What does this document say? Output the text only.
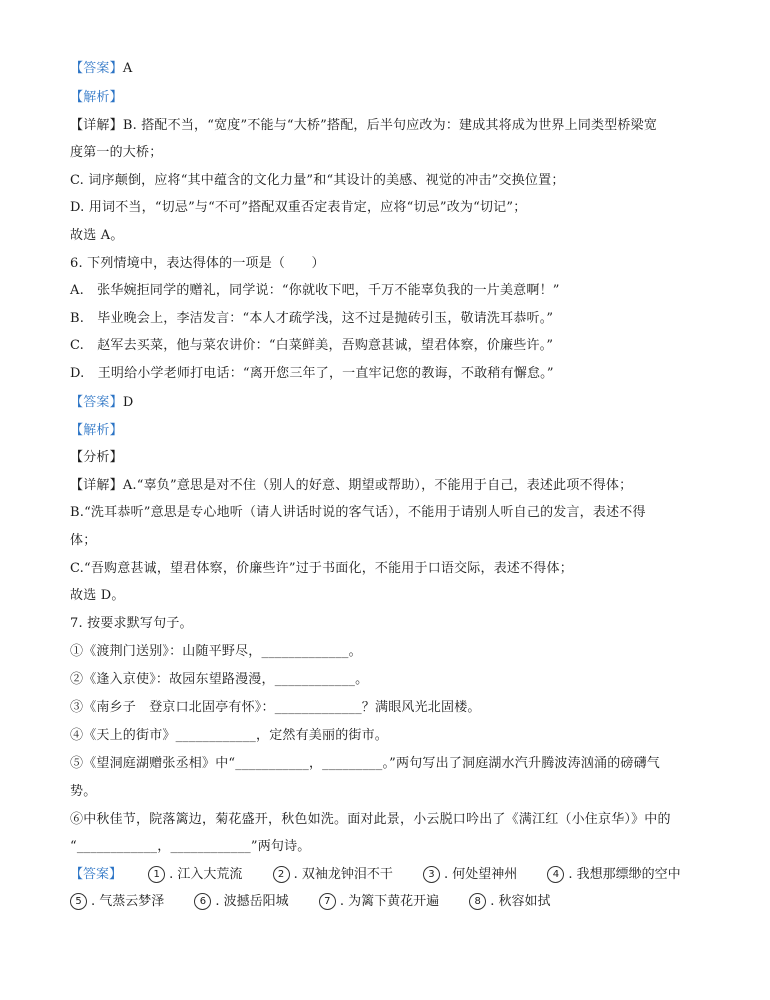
【答案】A
【解析】
【详解】B. 搭配不当，“宽度”不能与“大桥”搭配，后半句应改为：建成其将成为世界上同类型桥梁宽
度第一的大桥；
C. 词序颠倒，应将“其中蕴含的文化力量”和“其设计的美感、视觉的冲击”交换位置；
D. 用词不当，“切忌”与“不可”搭配双重否定表肯定，应将“切忌”改为“切记”；
故选 A。
6. 下列情境中，表达得体的一项是（　　）
A.　张华婉拒同学的赠礼，同学说：“你就收下吧，千万不能辜负我的一片美意啊！”
B.　毕业晚会上，李洁发言：“本人才疏学浅，这不过是抛砖引玉，敬请洗耳恭听。”
C.　赵军去买菜，他与菜农讲价：“白菜鲜美，吾购意甚诚，望君体察，价廉些许。”
D.　王明给小学老师打电话：“离开您三年了，一直牢记您的教诲，不敢稍有懈怠。”
【答案】D
【解析】
【分析】
【详解】A.“辜负”意思是对不住（别人的好意、期望或帮助），不能用于自己，表述此项不得体；
B.“洗耳恭听”意思是专心地听（请人讲话时说的客气话），不能用于请别人听自己的发言，表述不得
体；
C.“吾购意甚诚，望君体察，价廉些许”过于书面化，不能用于口语交际，表述不得体；
故选 D。
7. 按要求默写句子。
①《渡荆门送别》：山随平野尽，_____________。
②《逢入京使》：故园东望路漫漫，____________。
③《南乡子　登京口北固亭有怀》：_____________？满眼风光北固楼。
④《天上的街市》____________，定然有美丽的街市。
⑤《望洞庭湖赠张丞相》中“___________，_________。”两句写出了洞庭湖水汽升腾波涛汹涌的磅礴气
势。
⑥中秋佳节，院落篱边，菊花盛开，秋色如洗。面对此景，小云脱口吟出了《满江红（小住京华）》中的
“____________，____________”两句诗。
【答案】	1 . 江入大荒流	2 . 双袖龙钟泪不干	3 . 何处望神州	4 . 我想那缥缈的空中
5 . 气蒸云梦泽	6 . 波撼岳阳城	7 . 为篱下黄花开遍	8 . 秋容如拭
